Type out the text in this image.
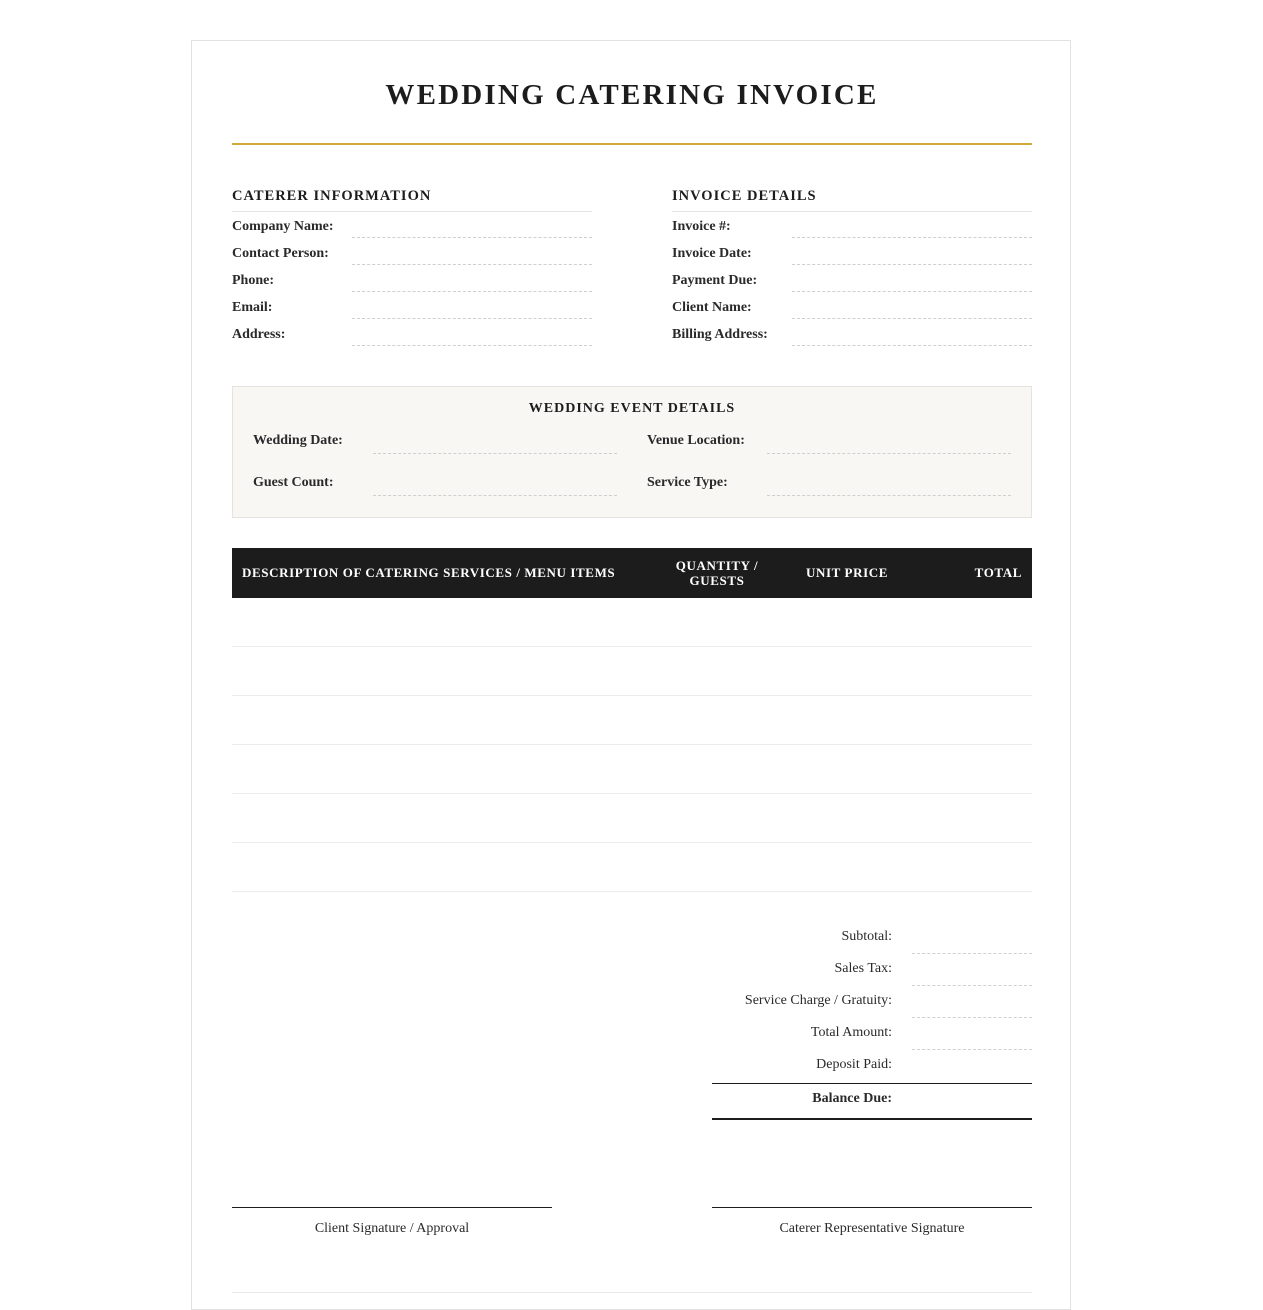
WEDDING CATERING INVOICE
CATERER INFORMATION
Company Name:
Contact Person:
Phone:
Email:
Address:
INVOICE DETAILS
Invoice #:
Invoice Date:
Payment Due:
Client Name:
Billing Address:
WEDDING EVENT DETAILS
Wedding Date:	Venue Location:
Guest Count:	Service Type:
DESCRIPTION OF CATERING SERVICES / MENU ITEMS	QUANTITY /
GUESTS	UNIT PRICE	TOTAL

Subtotal:
Sales Tax:
Service Charge / Gratuity:
Total Amount:
Deposit Paid:
Balance Due:
Client Signature / Approval	Caterer Representative Signature
